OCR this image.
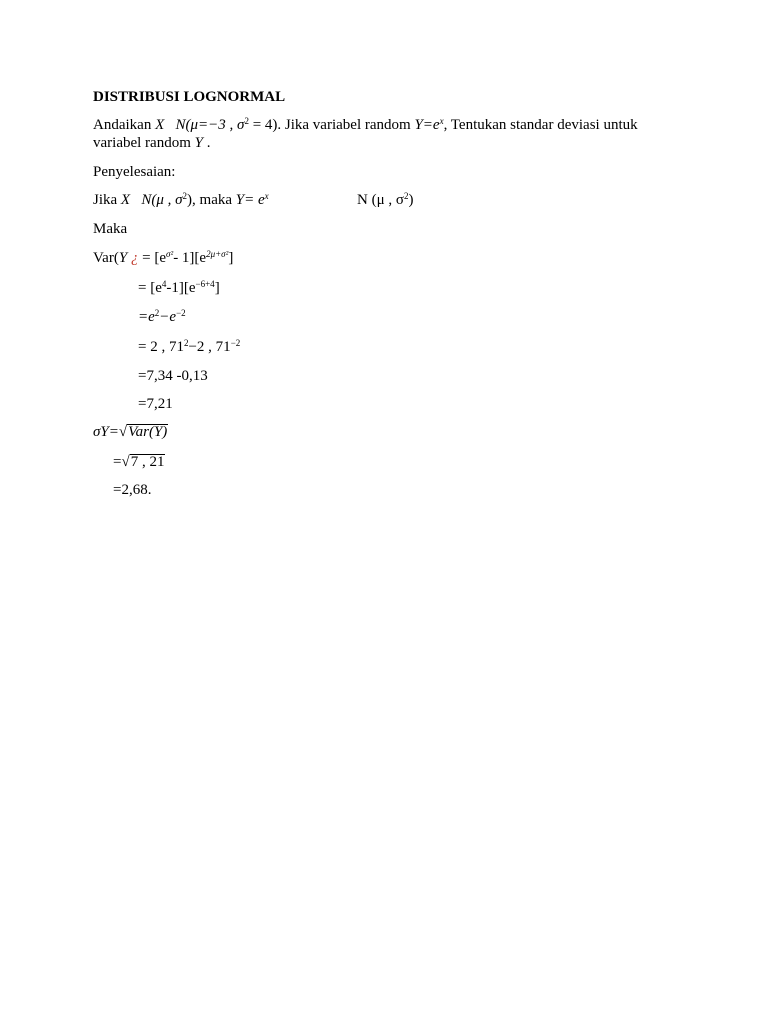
DISTRIBUSI LOGNORMAL
Andaikan X N(μ=−3 , $\sigma^2 = 4$). Jika variabel random $Y=e^x$, Tentukan standar deviasi untuk
variabel random Y .
Penyelesaian:
Jika X N(μ , $\sigma^2$), maka $Y= e^x$	N (μ , $\sigma^2$)
Maka
Var(Y ¿ = [$e^{\sigma^2}-$ $1][e^{2\mu+\sigma^2}]$
= $[e^4-1][e^{-6+4}]$
$=e^2-e^{-2}$
= 2 , $71^2-2$ , $71^{-2}$
=7,34 -0,13
=7,21
σY=√Var(Y)
=√7 , 21
=2,68.
